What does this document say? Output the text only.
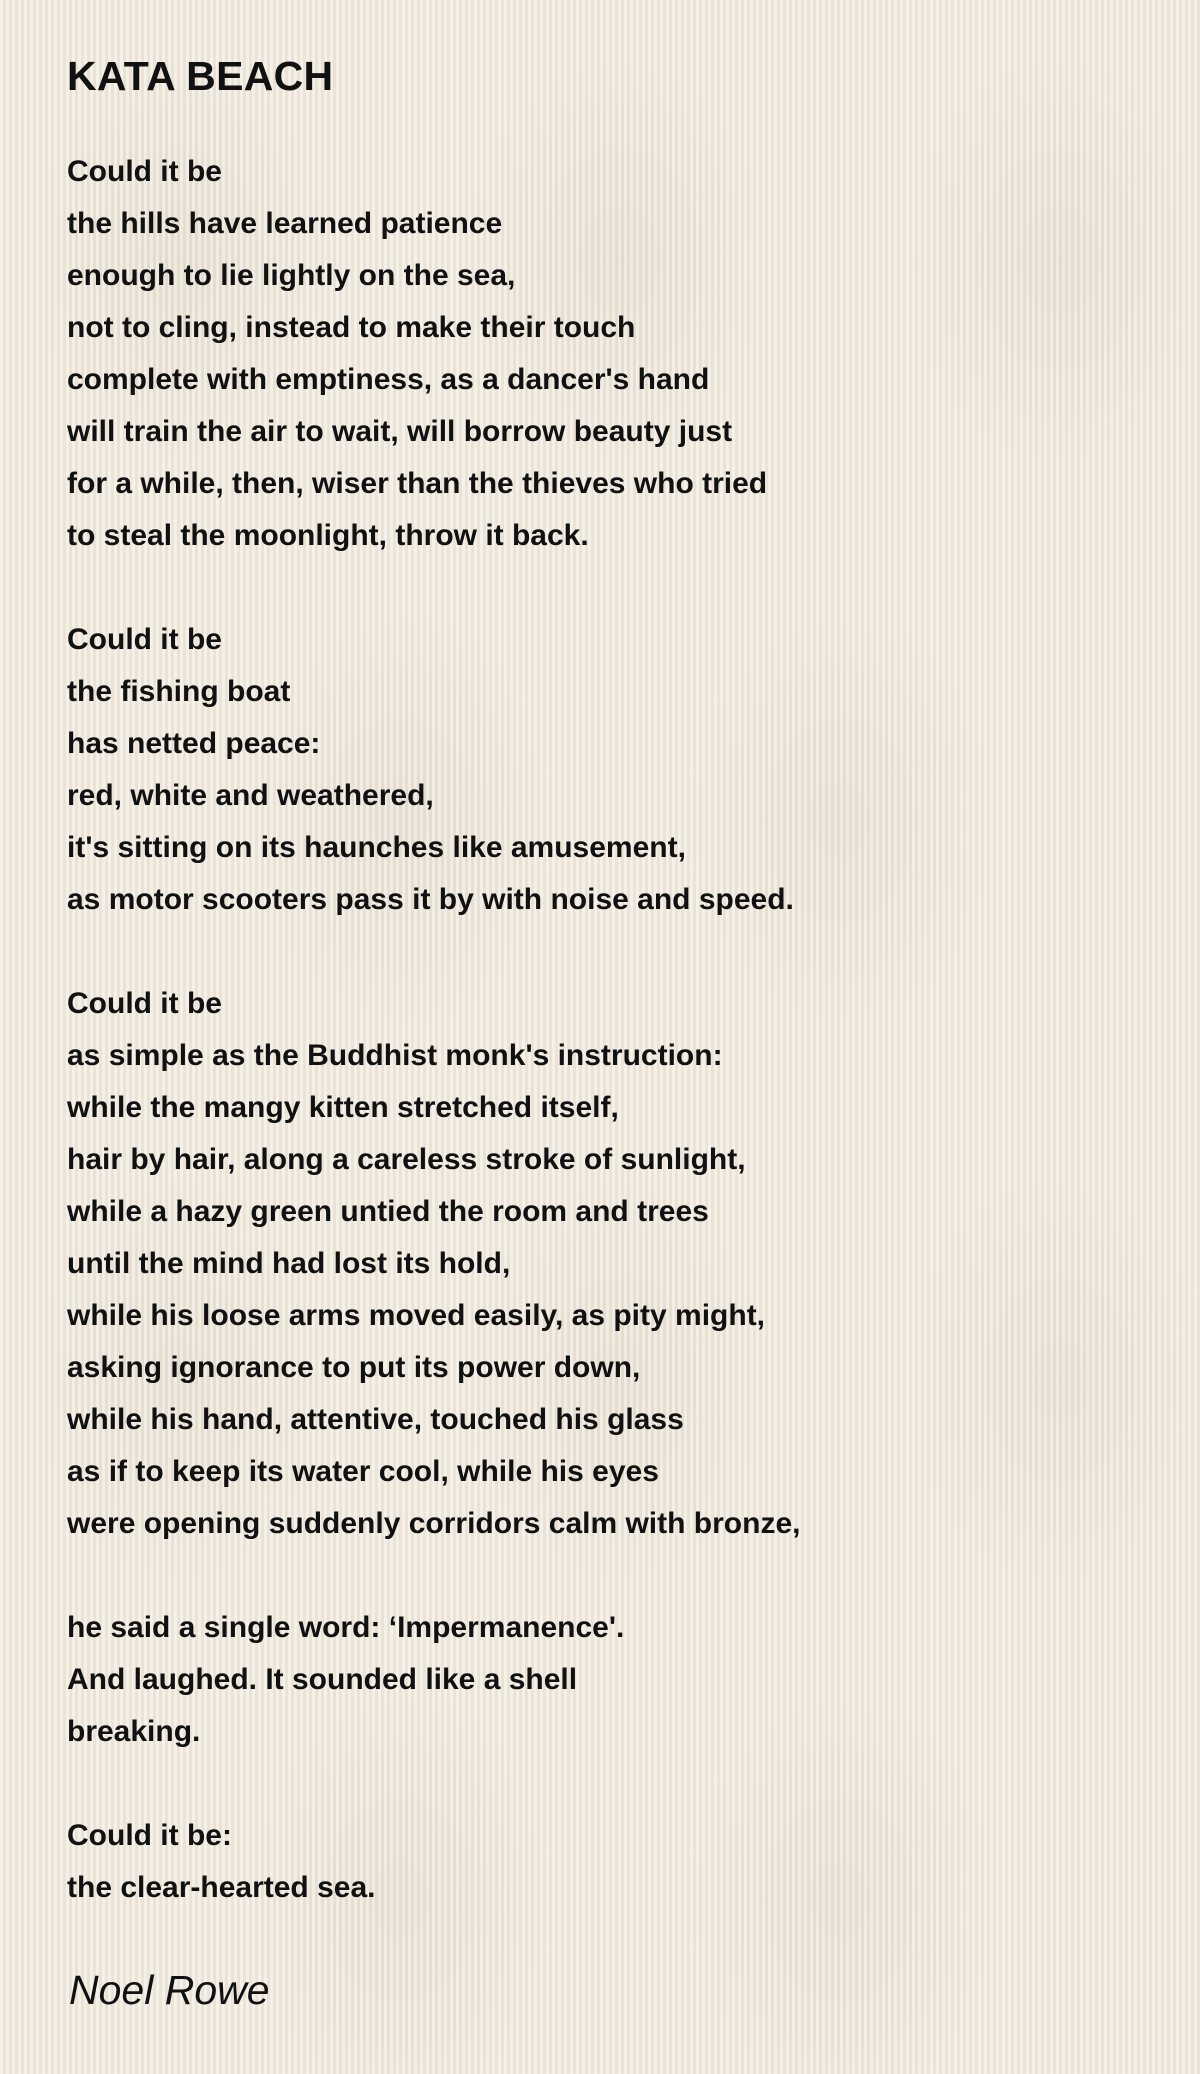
KATA BEACH
Could it be
the hills have learned patience
enough to lie lightly on the sea,
not to cling, instead to make their touch
complete with emptiness, as a dancer's hand
will train the air to wait, will borrow beauty just
for a while, then, wiser than the thieves who tried
to steal the moonlight, throw it back.
Could it be
the fishing boat
has netted peace:
red, white and weathered,
it's sitting on its haunches like amusement,
as motor scooters pass it by with noise and speed.
Could it be
as simple as the Buddhist monk's instruction:
while the mangy kitten stretched itself,
hair by hair, along a careless stroke of sunlight,
while a hazy green untied the room and trees
until the mind had lost its hold,
while his loose arms moved easily, as pity might,
asking ignorance to put its power down,
while his hand, attentive, touched his glass
as if to keep its water cool, while his eyes
were opening suddenly corridors calm with bronze,
he said a single word: ‘Impermanence'.
And laughed. It sounded like a shell
breaking.
Could it be:
the clear-hearted sea.
Noel Rowe
